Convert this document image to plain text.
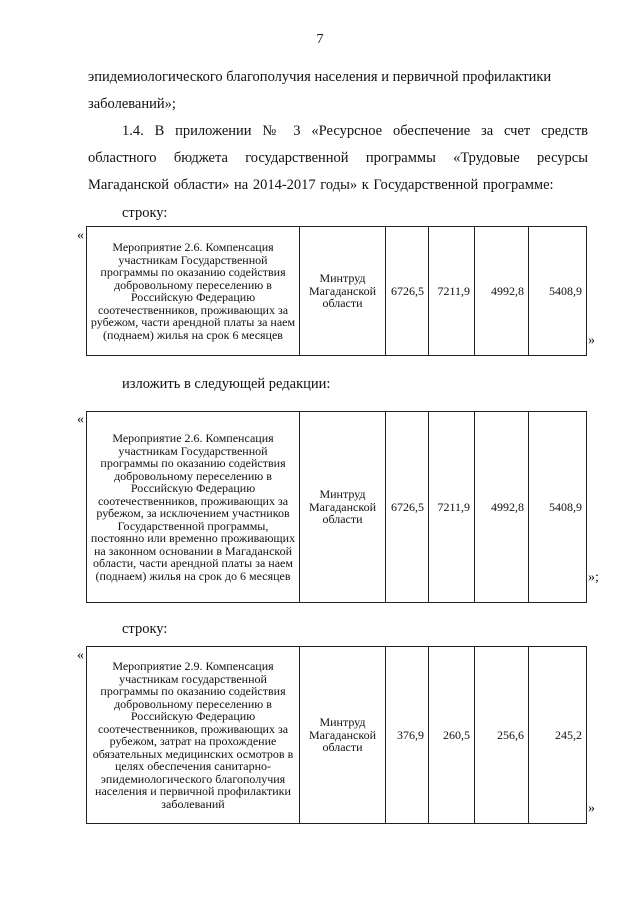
7

эпидемиологического благополучия населения и первичной профилактики заболеваний»;

1.4. В приложении № 3 «Ресурсное обеспечение за счет средств областного бюджета государственной программы «Трудовые ресурсы Магаданской области» на 2014-2017 годы» к Государственной программе:

строку:
«
Мероприятие 2.6. Компенсация участникам Государственной программы по оказанию содействия добровольному переселению в Российскую Федерацию соотечественников, проживающих за рубежом, части арендной платы за наем (поднаем) жилья на срок 6 месяцев	Минтруд Магаданской области	6726,5	7211,9	4992,8	5408,9
»
изложить в следующей редакции:
«
Мероприятие 2.6. Компенсация участникам Государственной программы по оказанию содействия добровольному переселению в Российскую Федерацию соотечественников, проживающих за рубежом, за исключением участников Государственной программы, постоянно или временно проживающих на законном основании в Магаданской области, части арендной платы за наем (поднаем) жилья на срок до 6 месяцев	Минтруд Магаданской области	6726,5	7211,9	4992,8	5408,9
»;
строку:
«
Мероприятие 2.9. Компенсация участникам государственной программы по оказанию содействия добровольному переселению в Российскую Федерацию соотечественников, проживающих за рубежом, затрат на прохождение обязательных медицинских осмотров в целях обеспечения санитарно-эпидемиологического благополучия населения и первичной профилактики заболеваний	Минтруд Магаданской области	376,9	260,5	256,6	245,2
»
